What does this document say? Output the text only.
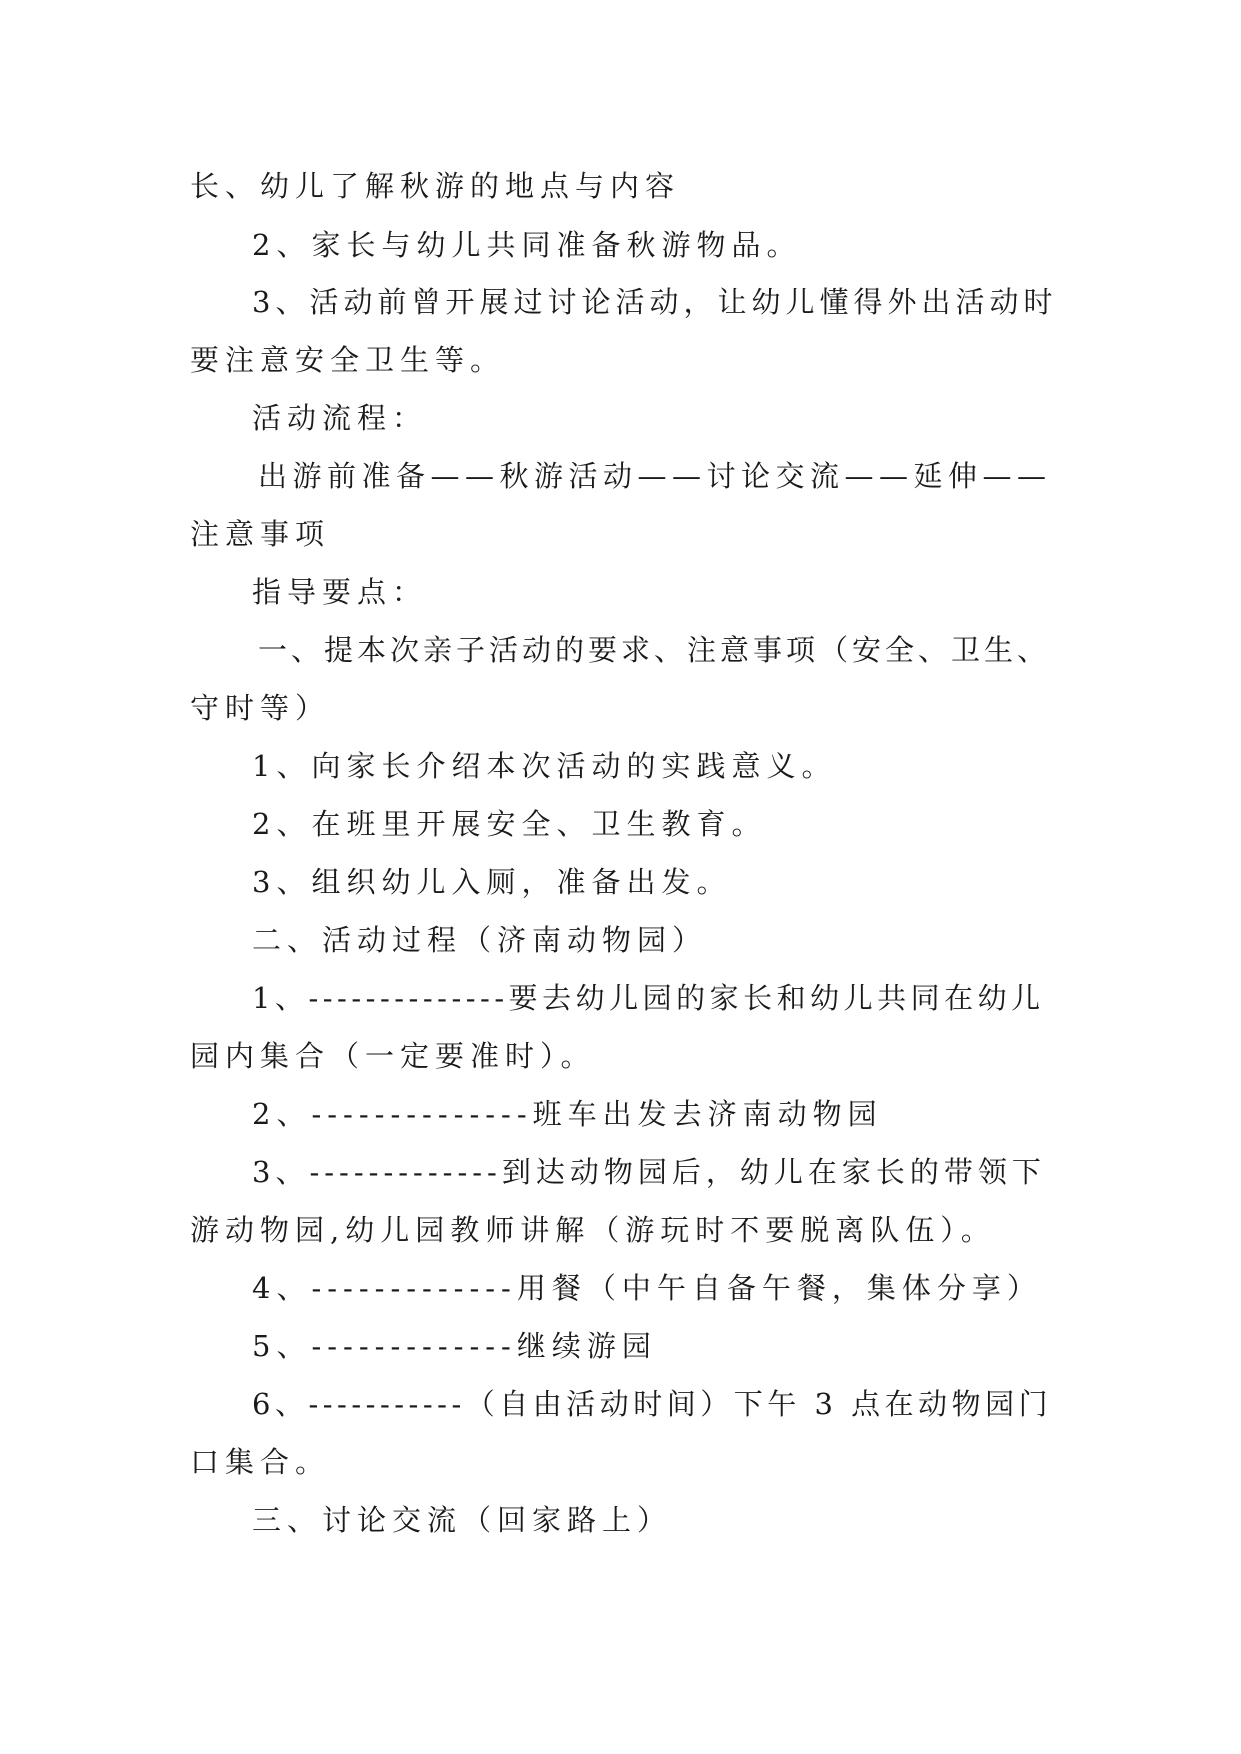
长、幼儿了解秋游的地点与内容
2、家长与幼儿共同准备秋游物品。
3、活动前曾开展过讨论活动，让幼儿懂得外出活动时
要注意安全卫生等。
活动流程：
出游前准备——秋游活动——讨论交流——延伸——
注意事项
指导要点：
一、提本次亲子活动的要求、注意事项（安全、卫生、
守时等）
1、向家长介绍本次活动的实践意义。
2、在班里开展安全、卫生教育。
3、组织幼儿入厕，准备出发。
二、活动过程（济南动物园）
1、--------------要去幼儿园的家长和幼儿共同在幼儿
园内集合（一定要准时）。
2、--------------班车出发去济南动物园
3、-------------到达动物园后，幼儿在家长的带领下
游动物园,幼儿园教师讲解（游玩时不要脱离队伍）。
4、-------------用餐（中午自备午餐，集体分享）
5、-------------继续游园
6、-----------（自由活动时间）下午 3 点在动物园门
口集合。
三、讨论交流（回家路上）
